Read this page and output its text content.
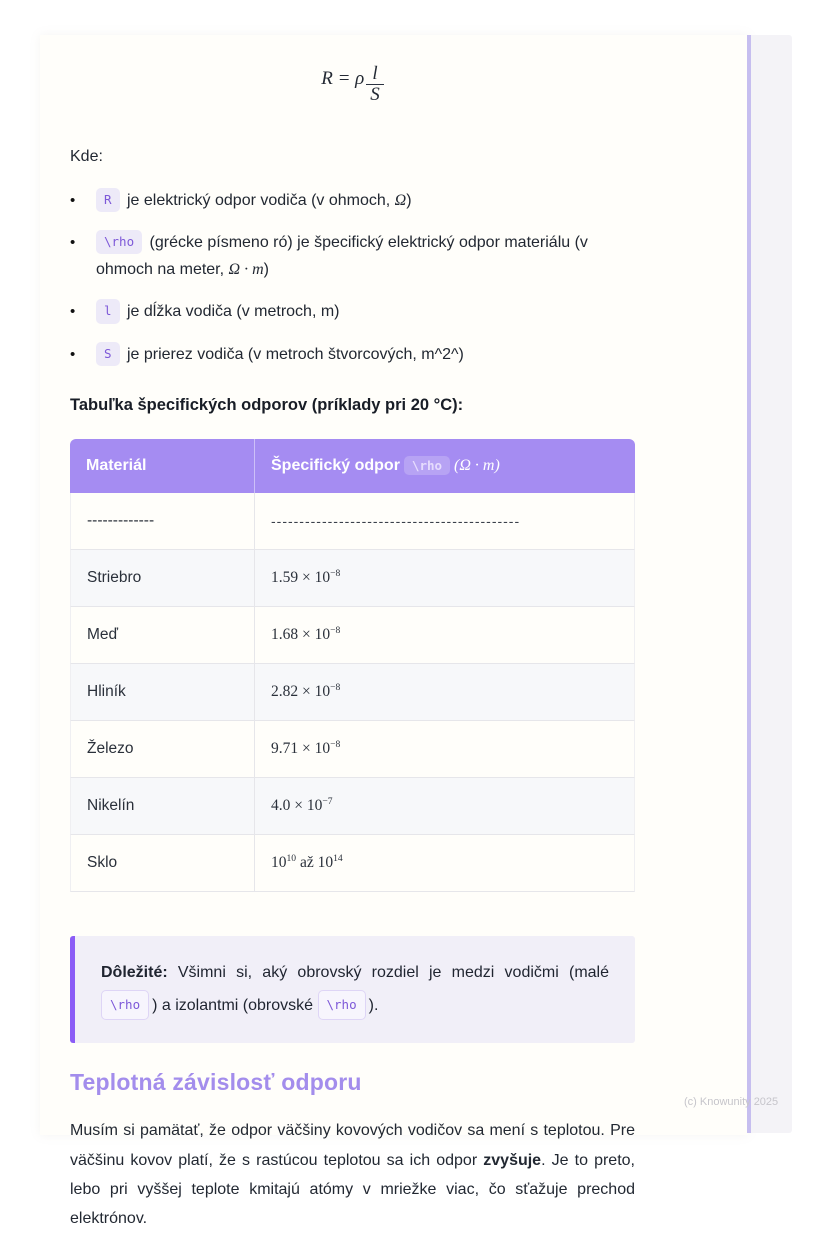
R = ρ $\frac{l}{S}$

Kde:

•	R je elektrický odpor vodiča (v ohmoch, Ω)
•	\rho (grécke písmeno ró) je špecifický elektrický odpor materiálu (v ohmoch na meter, Ω · m)
•	l je dĺžka vodiča (v metroch, m)
•	S je prierez vodiča (v metroch štvorcových, m^2^)

Tabuľka špecifických odporov (príklady pri 20 °C):

Materiál	Špecifický odpor \rho (Ω · m)
-------------	--------------------------------------------
Striebro	$1.59 \times 10^{-8}$
Meď	$1.68 \times 10^{-8}$
Hliník	$2.82 \times 10^{-8}$
Železo	$9.71 \times 10^{-8}$
Nikelín	$4.0 \times 10^{-7}$
Sklo	$10^{10}$ až $10^{14}$
Dôležité: Všimni si, aký obrovský rozdiel je medzi vodičmi (malé \rho ) a izolantmi (obrovské \rho ).
Teplotná závislosť odporu

Musím si pamätať, že odpor väčšiny kovových vodičov sa mení s teplotou. Pre väčšinu kovov platí, že s rastúcou teplotou sa ich odpor zvyšuje. Je to preto, lebo pri vyššej teplote kmitajú atómy v mriežke viac, čo sťažuje prechod elektrónov.

(c) Knowunity 2025
